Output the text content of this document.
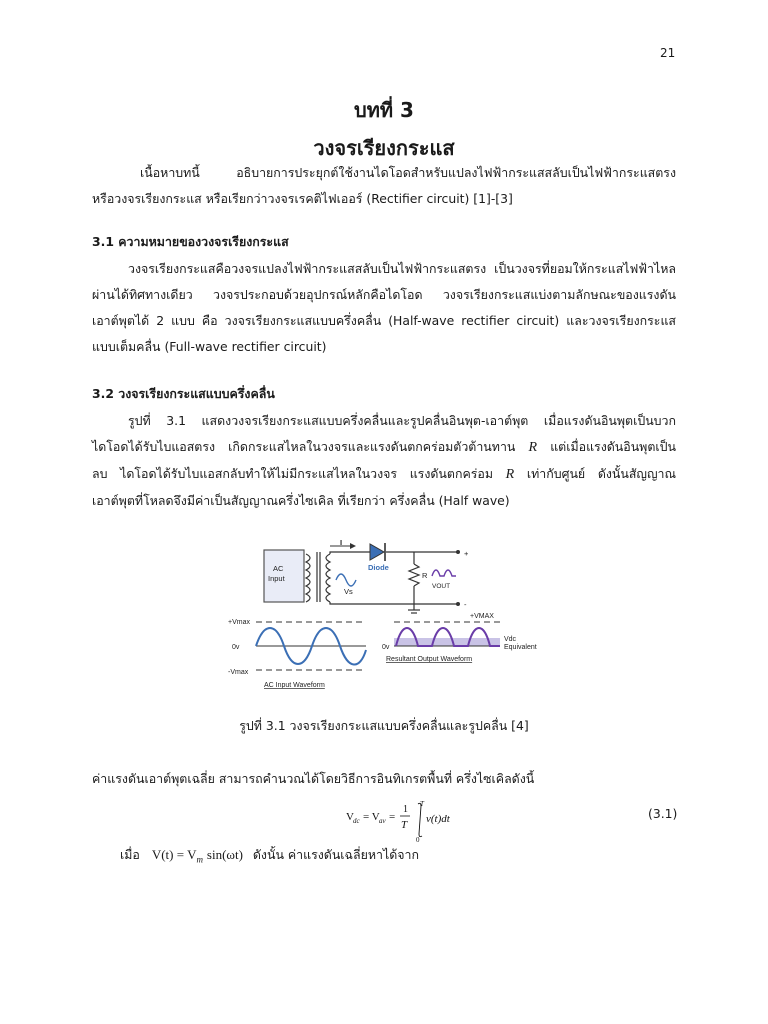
21
บทที่ 3
วงจรเรียงกระแส
เนื้อหาบทนี้ อธิบายการประยุกต์ใช้งานไดโอดสำหรับแปลงไฟฟ้ากระแสสลับเป็นไฟฟ้ากระแสตรง
หรือวงจรเรียงกระแส หรือเรียกว่าวงจรเรคติไฟเออร์ (Rectifier circuit) [1]-[3]
3.1 ความหมายของวงจรเรียงกระแส
วงจรเรียงกระแสคือวงจรแปลงไฟฟ้ากระแสสลับเป็นไฟฟ้ากระแสตรง เป็นวงจรที่ยอมให้กระแสไฟฟ้าไหล
ผ่านได้ทิศทางเดียว วงจรประกอบด้วยอุปกรณ์หลักคือไดโอด วงจรเรียงกระแสแบ่งตามลักษณะของแรงดัน
เอาต์พุตได้ 2 แบบ คือ วงจรเรียงกระแสแบบครึ่งคลื่น (Half-wave rectifier circuit) และวงจรเรียงกระแส
แบบเต็มคลื่น (Full-wave rectifier circuit)
3.2 วงจรเรียงกระแสแบบครึ่งคลื่น
รูปที่ 3.1 แสดงวงจรเรียงกระแสแบบครึ่งคลื่นและรูปคลื่นอินพุต-เอาต์พุต เมื่อแรงดันอินพุตเป็นบวก
ไดโอดได้รับไบแอสตรง เกิดกระแสไหลในวงจรและแรงดันตกคร่อมตัวต้านทาน R แต่เมื่อแรงดันอินพุตเป็น
ลบ ไดโอดได้รับไบแอสกลับทำให้ไม่มีกระแสไหลในวงจร แรงดันตกคร่อม R เท่ากับศูนย์ ดังนั้นสัญญาณ
เอาต์พุตที่โหลดจึงมีค่าเป็นสัญญาณครึ่งไซเคิล ที่เรียกว่า ครึ่งคลื่น (Half wave)
AC
Input
I
Diode
Vs
R
VOUT
+
-
+Vmax
0v
-Vmax
AC Input Waveform
+VMAX
0v
Vdc
Equivalent
Resultant Output Waveform
รูปที่ 3.1 วงจรเรียงกระแสแบบครึ่งคลื่นและรูปคลื่น [4]
ค่าแรงดันเอาต์พุตเฉลี่ย สามารถคำนวณได้โดยวิธีการอินทิเกรตพื้นที่ ครึ่งไซเคิลดังนี้
V dc = V av =
1
T
T
0
v(t)dt	(3.1)
เมื่อ $V(t) = V_m$ sin(ωt) ดังนั้น ค่าแรงดันเฉลี่ยหาได้จาก
